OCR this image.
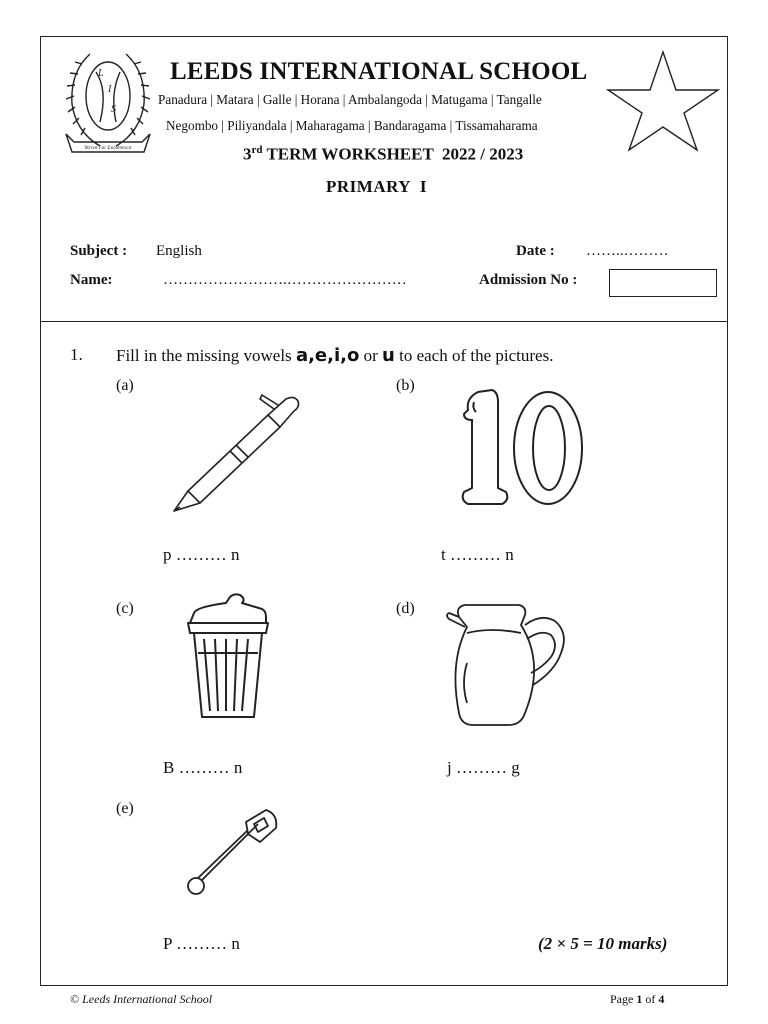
L
I
S
Strive For Excellence
LEEDS INTERNATIONAL SCHOOL
Panadura | Matara | Galle | Horana | Ambalangoda | Matugama | Tangalle
Negombo | Piliyandala | Maharagama | Bandaragama | Tissamaharama
3rd TERM WORKSHEET  2022 / 2023
PRIMARY  I
Subject : English	Date : ……..………
Name:	…………………….……………………	Admission No :
1. Fill in the missing vowels a,e,i,o or u to each of the pictures.
(a)
p ……… n
(b)
t ……… n
(c)
B ……… n
(d)
j ……… g
(e)
P ……… n	(2 × 5 = 10 marks)
© Leeds International School	Page 1 of 4
